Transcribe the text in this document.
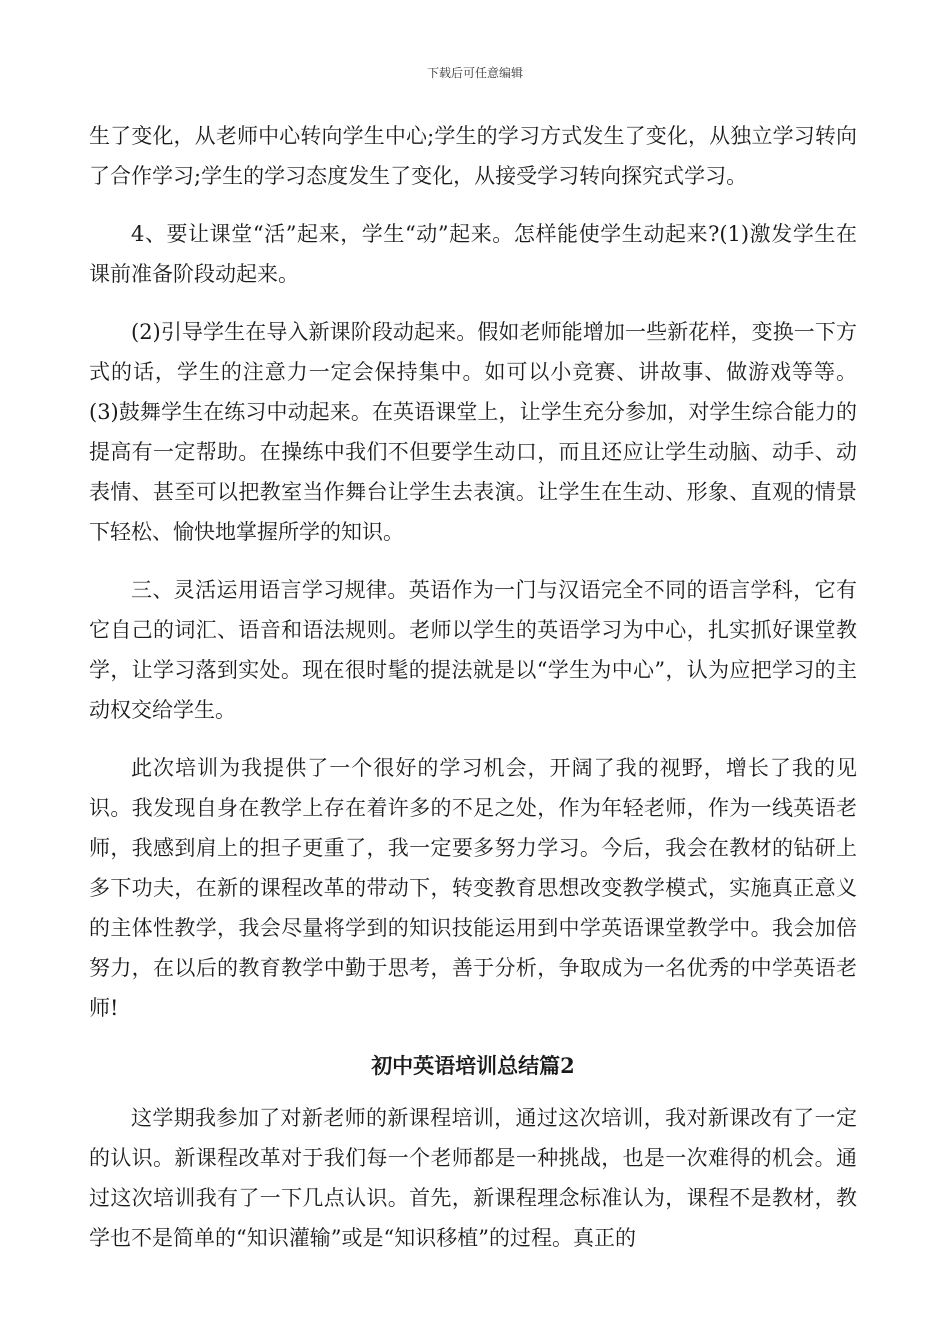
下载后可任意编辑

生了变化，从老师中心转向学生中心;学生的学习方式发生了变化，从独立学习转向了合作学习;学生的学习态度发生了变化，从接受学习转向探究式学习。

4、要让课堂“活”起来，学生“动”起来。怎样能使学生动起来?(1)激发学生在课前准备阶段动起来。

(2)引导学生在导入新课阶段动起来。假如老师能增加一些新花样，变换一下方式的话，学生的注意力一定会保持集中。如可以小竞赛、讲故事、做游戏等等。 (3)鼓舞学生在练习中动起来。在英语课堂上，让学生充分参加，对学生综合能力的提高有一定帮助。在操练中我们不但要学生动口，而且还应让学生动脑、动手、动表情、甚至可以把教室当作舞台让学生去表演。让学生在生动、形象、直观的情景下轻松、愉快地掌握所学的知识。

三、灵活运用语言学习规律。英语作为一门与汉语完全不同的语言学科，它有它自己的词汇、语音和语法规则。老师以学生的英语学习为中心，扎实抓好课堂教学，让学习落到实处。现在很时髦的提法就是以“学生为中心”，认为应把学习的主动权交给学生。

此次培训为我提供了一个很好的学习机会，开阔了我的视野，增长了我的见识。我发现自身在教学上存在着许多的不足之处，作为年轻老师，作为一线英语老师，我感到肩上的担子更重了，我一定要多努力学习。今后，我会在教材的钻研上多下功夫，在新的课程改革的带动下，转变教育思想改变教学模式，实施真正意义的主体性教学，我会尽量将学到的知识技能运用到中学英语课堂教学中。我会加倍努力，在以后的教育教学中勤于思考，善于分析，争取成为一名优秀的中学英语老师!

初中英语培训总结篇2

这学期我参加了对新老师的新课程培训，通过这次培训，我对新课改有了一定的认识。新课程改革对于我们每一个老师都是一种挑战，也是一次难得的机会。通过这次培训我有了一下几点认识。首先，新课程理念标准认为，课程不是教材，教学也不是简单的“知识灌输”或是“知识移植”的过程。真正的
